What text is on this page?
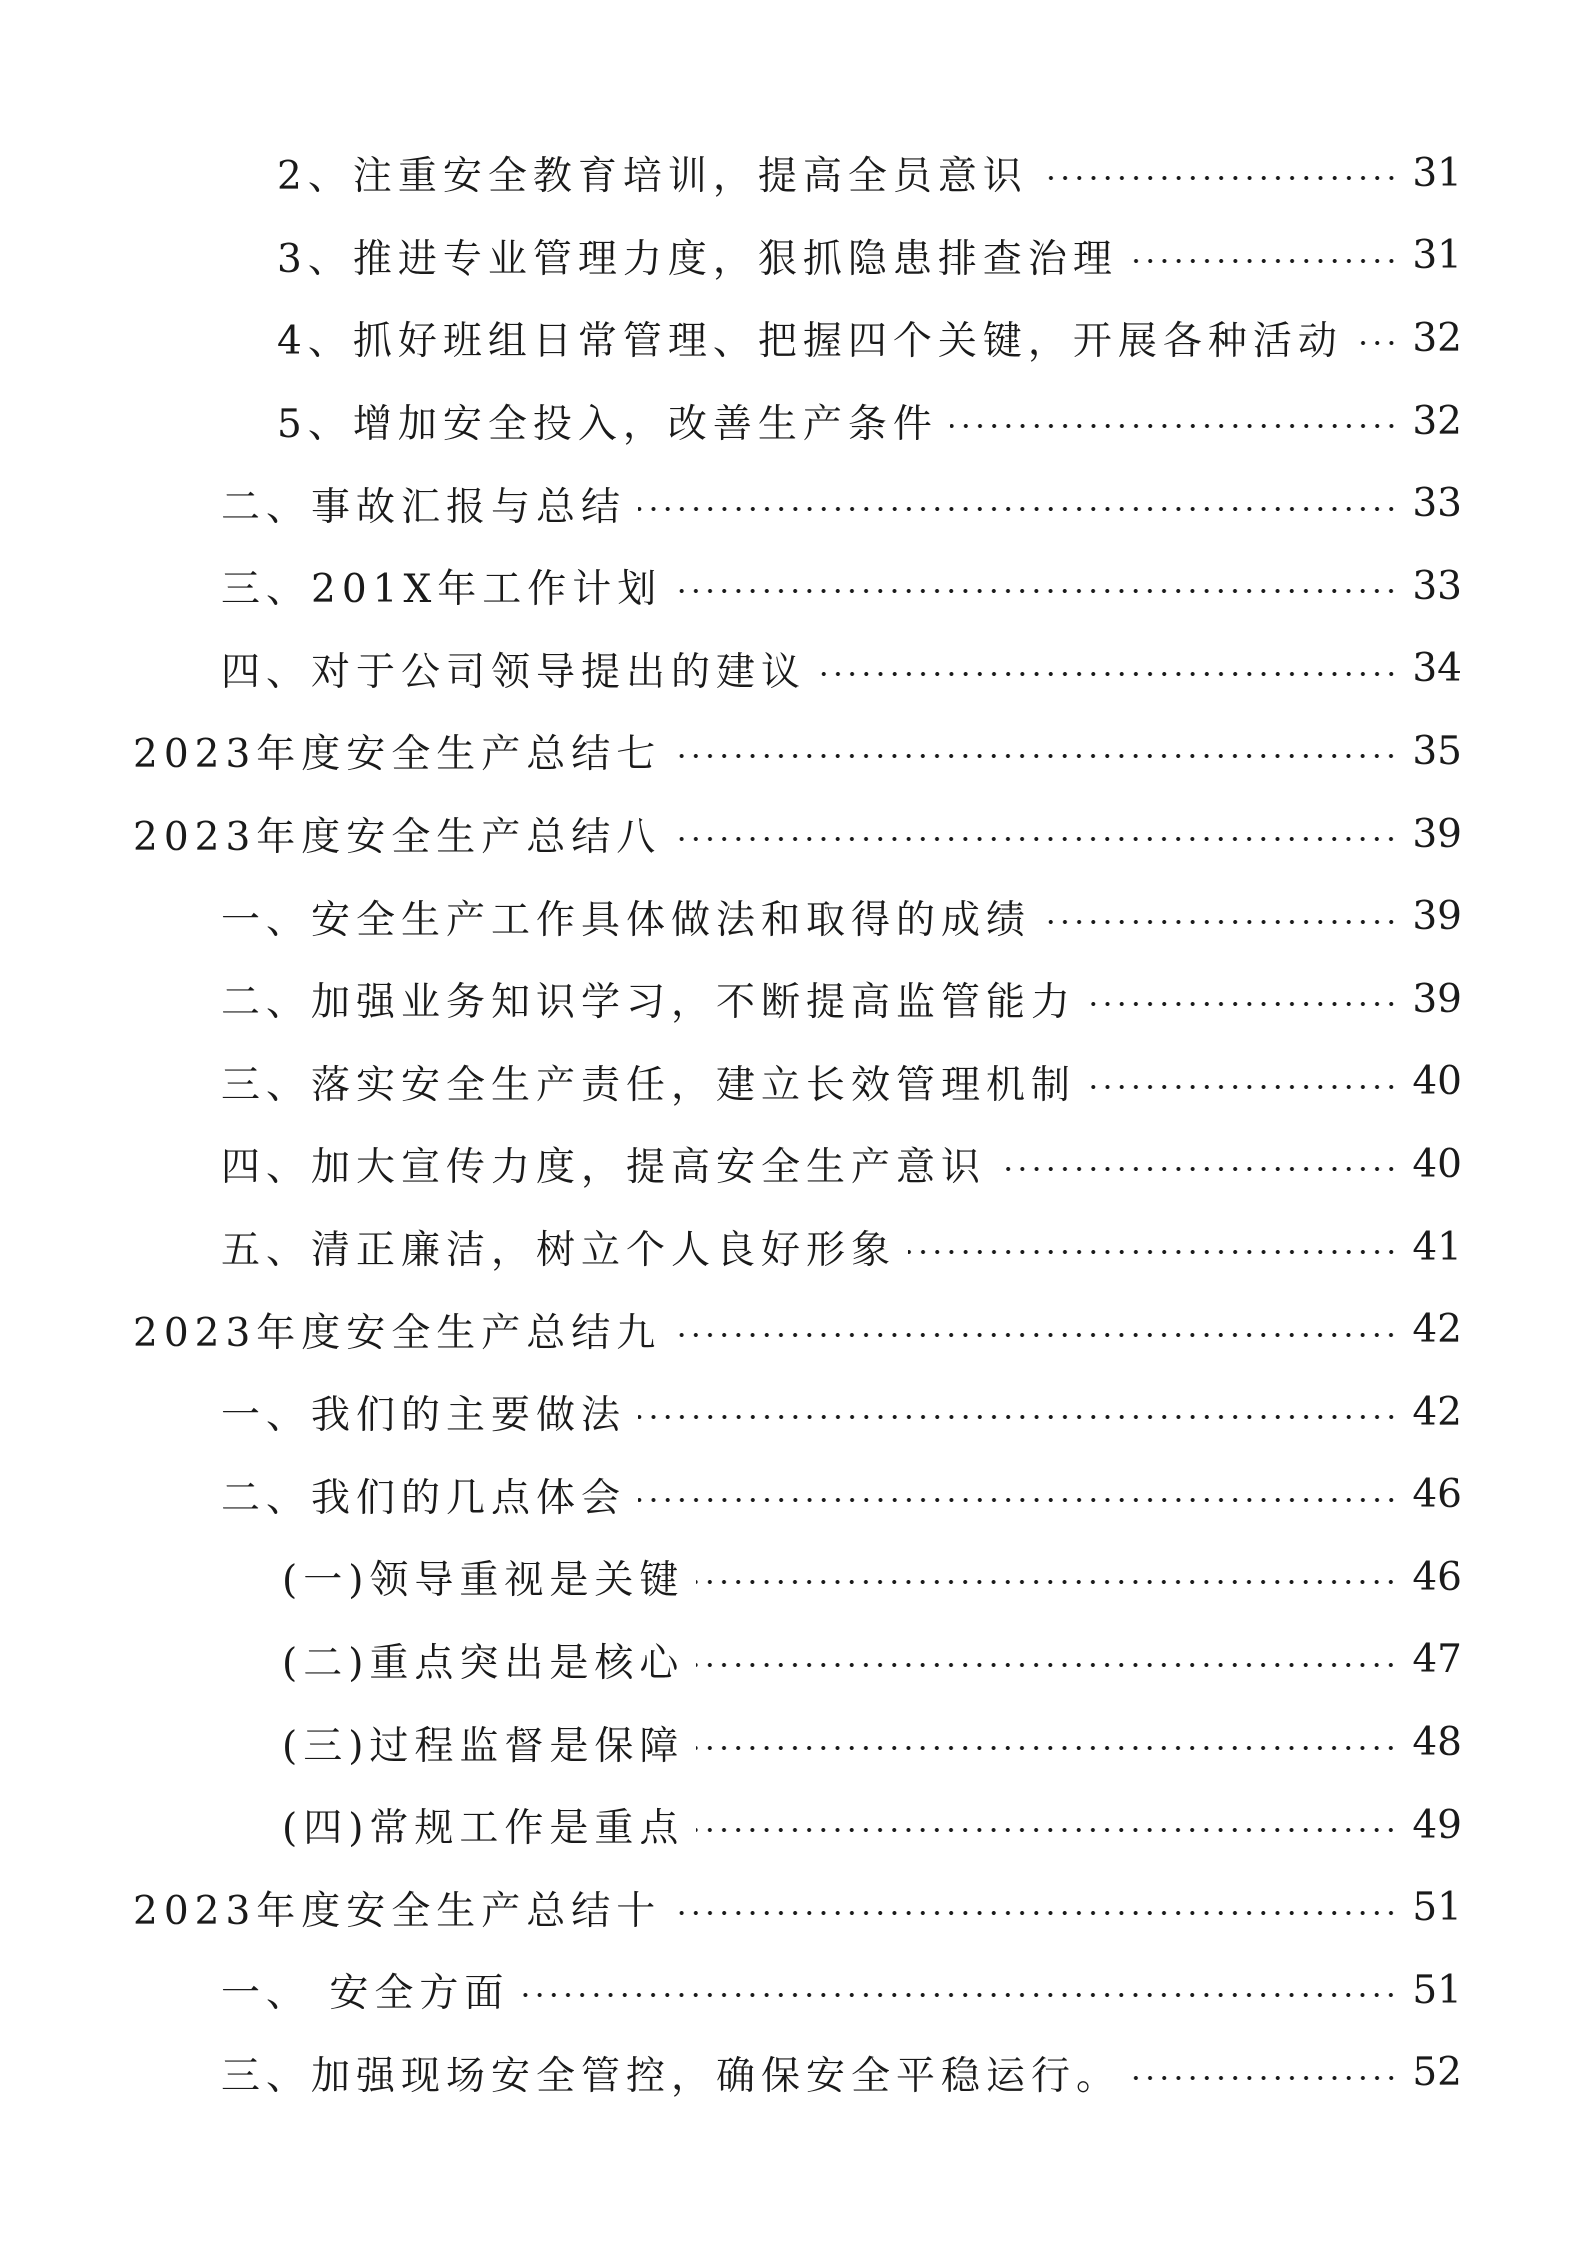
2、注重安全教育培训，提高全员意识	31
3、推进专业管理力度，狠抓隐患排查治理	31
4、抓好班组日常管理、把握四个关键，开展各种活动 32
5、增加安全投入，改善生产条件	32
二、事故汇报与总结	33
三、201X年工作计划	33
四、对于公司领导提出的建议	34
2023年度安全生产总结七	35
2023年度安全生产总结八	39
一、安全生产工作具体做法和取得的成绩	39
二、加强业务知识学习，不断提高监管能力	39
三、落实安全生产责任，建立长效管理机制	40
四、加大宣传力度，提高安全生产意识	40
五、清正廉洁，树立个人良好形象	41
2023年度安全生产总结九	42
一、我们的主要做法	42
二、我们的几点体会	46
(一)领导重视是关键	46
(二)重点突出是核心	47
(三)过程监督是保障	48
(四)常规工作是重点	49
2023年度安全生产总结十	51
一、 安全方面	51
三、加强现场安全管控，确保安全平稳运行。	52
